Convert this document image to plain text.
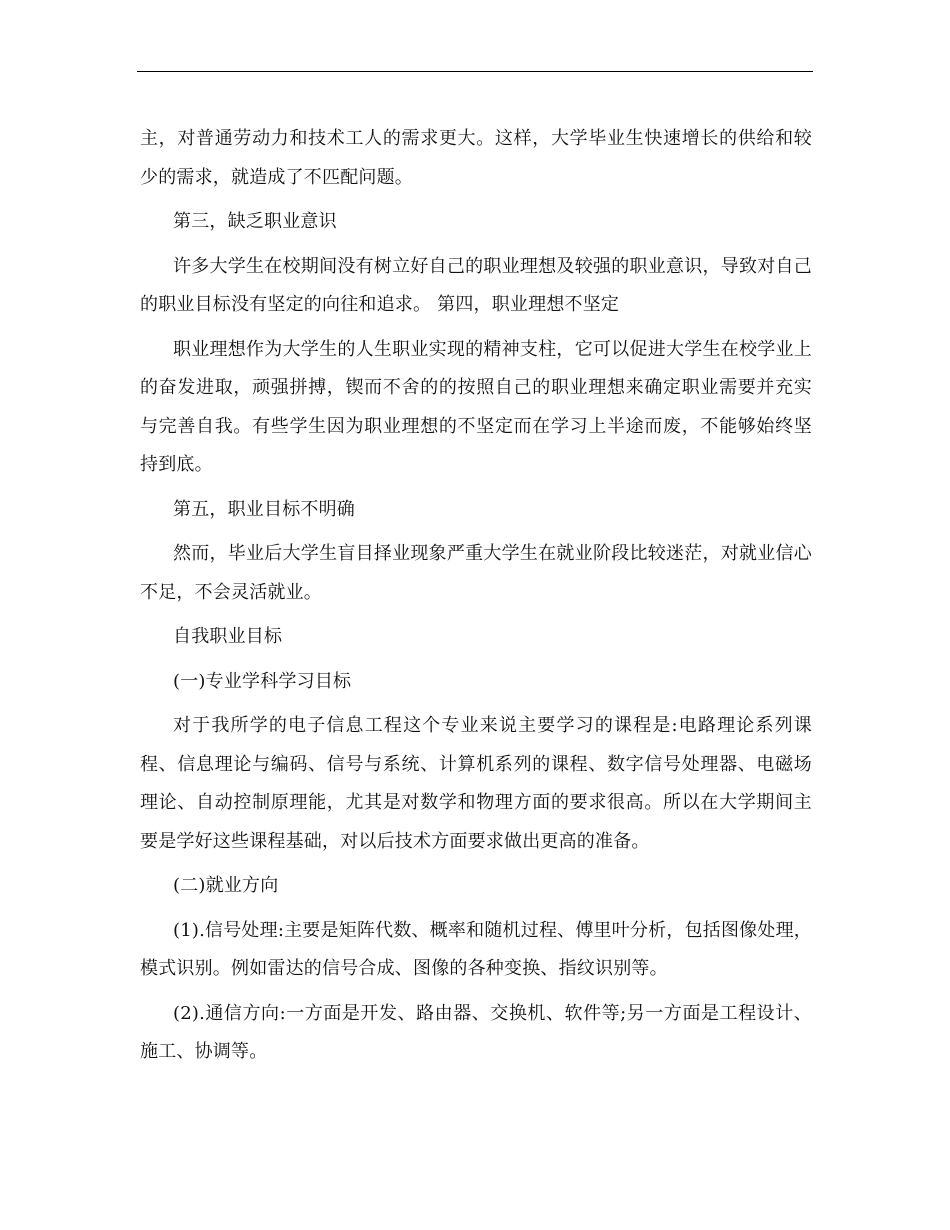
主，对普通劳动力和技术工人的需求更大。这样，大学毕业生快速增长的供给和较少的需求，就造成了不匹配问题。

第三，缺乏职业意识

许多大学生在校期间没有树立好自己的职业理想及较强的职业意识，导致对自己的职业目标没有坚定的向往和追求。 第四，职业理想不坚定

职业理想作为大学生的人生职业实现的精神支柱，它可以促进大学生在校学业上的奋发进取，顽强拼搏，锲而不舍的的按照自己的职业理想来确定职业需要并充实与完善自我。有些学生因为职业理想的不坚定而在学习上半途而废，不能够始终坚持到底。

第五，职业目标不明确

然而，毕业后大学生盲目择业现象严重大学生在就业阶段比较迷茫，对就业信心不足，不会灵活就业。

自我职业目标

(一)专业学科学习目标

对于我所学的电子信息工程这个专业来说主要学习的课程是:电路理论系列课程、信息理论与编码、信号与系统、计算机系列的课程、数字信号处理器、电磁场理论、自动控制原理能，尤其是对数学和物理方面的要求很高。所以在大学期间主要是学好这些课程基础，对以后技术方面要求做出更高的准备。

(二)就业方向

(1).信号处理:主要是矩阵代数、概率和随机过程、傅里叶分析，包括图像处理，模式识别。例如雷达的信号合成、图像的各种变换、指纹识别等。

(2).通信方向:一方面是开发、路由器、交换机、软件等;另一方面是工程设计、施工、协调等。
